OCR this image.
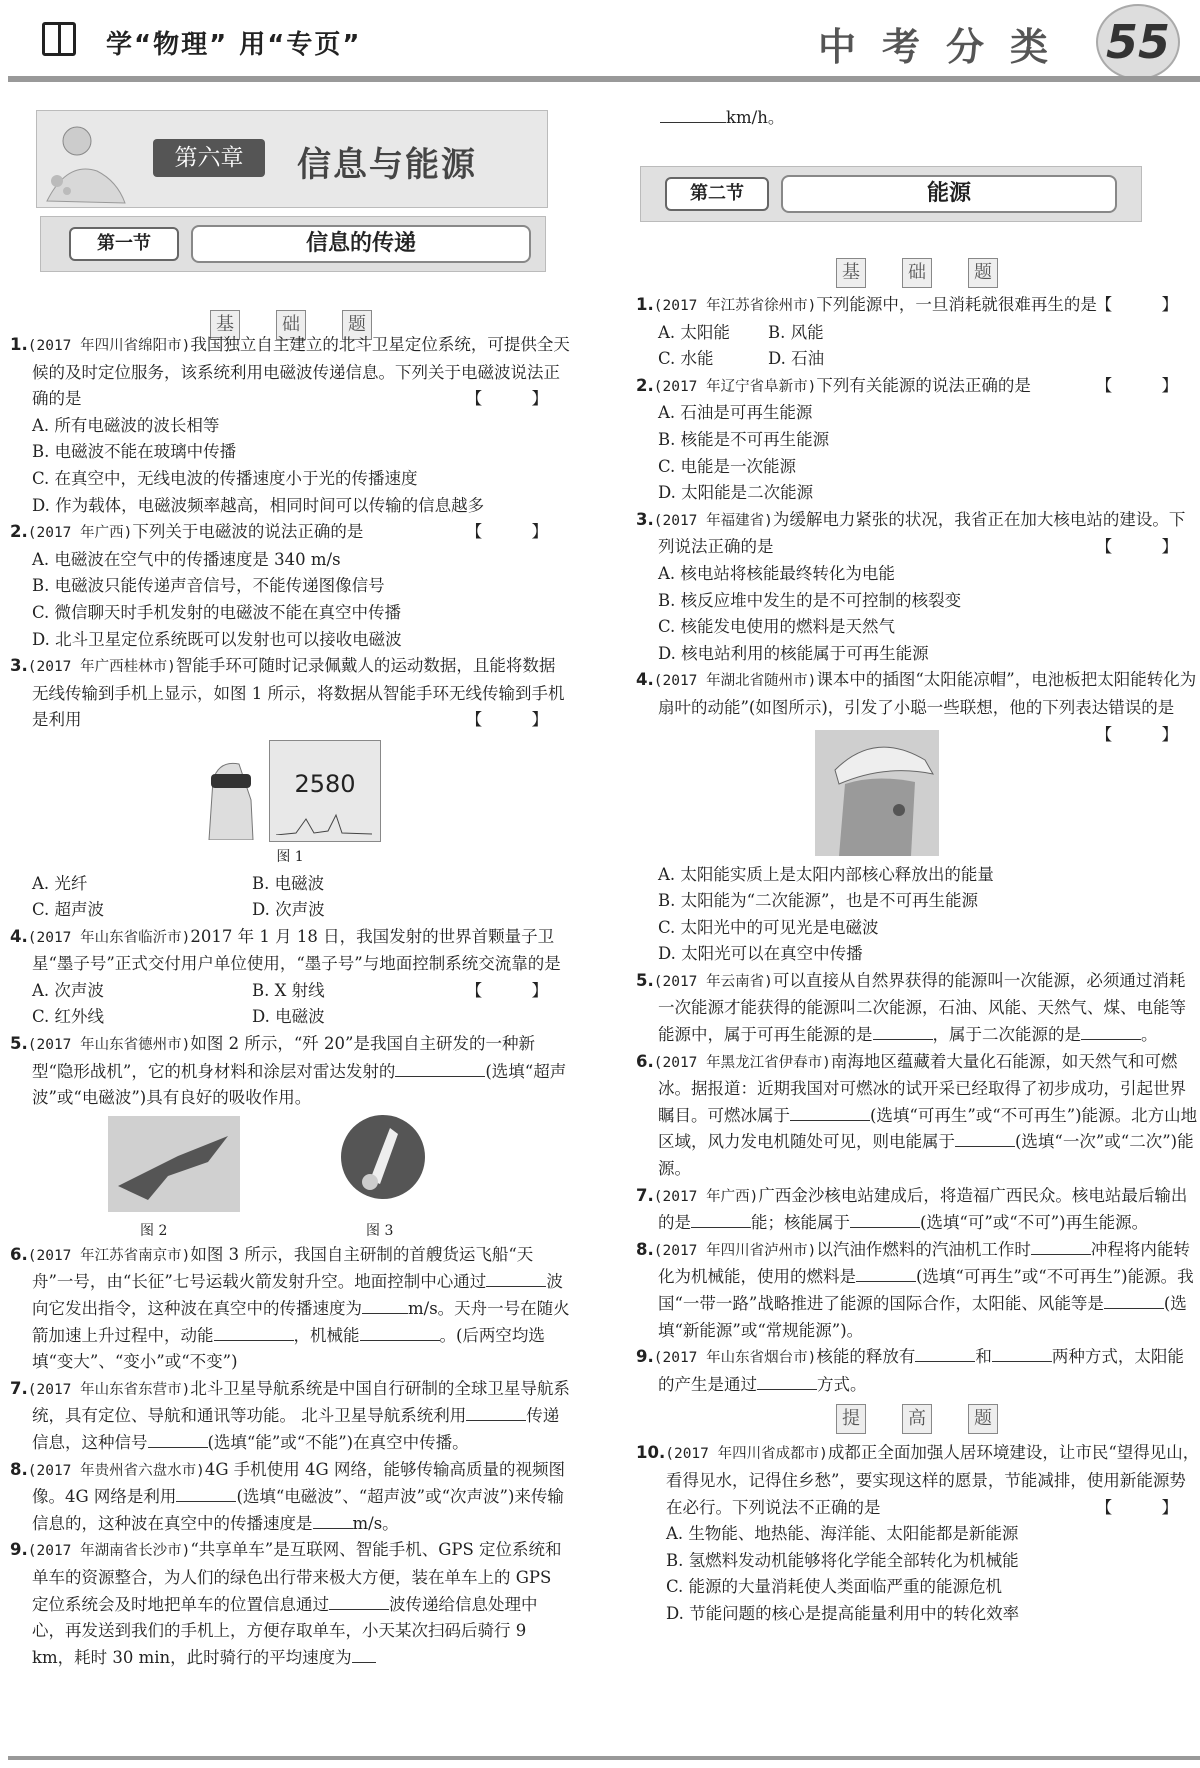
学“物理” 用“专页”	中考分类 55
第六章	信息与能源
第一节	信息的传递
基	础	题
1.(2017 年四川省绵阳市)我国独立自主建立的北斗卫星定位系统，可提供全天候的及时定位服务，该系统利用电磁波传递信息。下列关于电磁波说法正确的是	【 】
A. 所有电磁波的波长相等
B. 电磁波不能在玻璃中传播
C. 在真空中，无线电波的传播速度小于光的传播速度
D. 作为载体，电磁波频率越高，相同时间可以传输的信息越多
2.(2017 年广西)下列关于电磁波的说法正确的是	【 】
A. 电磁波在空气中的传播速度是 340 m/s
B. 电磁波只能传递声音信号，不能传递图像信号
C. 微信聊天时手机发射的电磁波不能在真空中传播
D. 北斗卫星定位系统既可以发射也可以接收电磁波
3.(2017 年广西桂林市)智能手环可随时记录佩戴人的运动数据，且能将数据无线传输到手机上显示，如图 1 所示，将数据从智能手环无线传输到手机是利用	【 】
2580
图 1
A. 光纤	B. 电磁波
C. 超声波	D. 次声波
4.(2017 年山东省临沂市)2017 年 1 月 18 日，我国发射的世界首颗量子卫星“墨子号”正式交付用户单位使用，“墨子号”与地面控制系统交流靠的是
【 】
A. 次声波	B. X 射线
C. 红外线	D. 电磁波
5.(2017 年山东省德州市)如图 2 所示，“歼 20”是我国自主研发的一种新型“隐形战机”，它的机身材料和涂层对雷达发射的	(选填“超声波”或“电磁波”)具有良好的吸收作用。
图 2	图 3
6.(2017 年江苏省南京市)如图 3 所示，我国自主研制的首艘货运飞船“天舟”一号，由“长征”七号运载火箭发射升空。地面控制中心通过	波向它发出指令，这种波在真空中的传播速度为	m/s。天舟一号在随火箭加速上升过程中，动能	，机械能	。(后两空均选填“变大”、“变小”或“不变”)
7.(2017 年山东省东营市)北斗卫星导航系统是中国自行研制的全球卫星导航系统，具有定位、导航和通讯等功能。 北斗卫星导航系统利用	传递信息，这种信号	(选填“能”或“不能”)在真空中传播。
8.(2017 年贵州省六盘水市)4G 手机使用 4G 网络，能够传输高质量的视频图像。4G 网络是利用	(选填“电磁波”、“超声波”或“次声波”)来传输信息的，这种波在真空中的传播速度是 m/s。
9.(2017 年湖南省长沙市)“共享单车”是互联网、智能手机、GPS 定位系统和单车的资源整合，为人们的绿色出行带来极大方便，装在单车上的 GPS 定位系统会及时地把单车的位置信息通过	波传递给信息处理中心，再发送到我们的手机上，方便存取单车，小天某次扫码后骑行 9 km，耗时 30 min，此时骑行的平均速度为
km/h。
第二节	能源
基	础	题
1.(2017 年江苏省徐州市)下列能源中，一旦消耗就很难再生的是
【 】
A. 太阳能	B. 风能
C. 水能	D. 石油
2.(2017 年辽宁省阜新市)下列有关能源的说法正确的是	【 】
A. 石油是可再生能源
B. 核能是不可再生能源
C. 电能是一次能源
D. 太阳能是二次能源
3.(2017 年福建省)为缓解电力紧张的状况，我省正在加大核电站的建设。下列说法正确的是	【 】
A. 核电站将核能最终转化为电能
B. 核反应堆中发生的是不可控制的核裂变
C. 核能发电使用的燃料是天然气
D. 核电站利用的核能属于可再生能源
4.(2017 年湖北省随州市)课本中的插图“太阳能凉帽”，电池板把太阳能转化为扇叶的动能”(如图所示)，引发了小聪一些联想，他的下列表达错误的是
【 】
A. 太阳能实质上是太阳内部核心释放出的能量
B. 太阳能为“二次能源”，也是不可再生能源
C. 太阳光中的可见光是电磁波
D. 太阳光可以在真空中传播
5.(2017 年云南省)可以直接从自然界获得的能源叫一次能源，必须通过消耗一次能源才能获得的能源叫二次能源，石油、风能、天然气、煤、电能等能源中，属于可再生能源的是	，属于二次能源的是	。
6.(2017 年黑龙江省伊春市)南海地区蕴藏着大量化石能源，如天然气和可燃冰。据报道：近期我国对可燃冰的试开采已经取得了初步成功，引起世界瞩目。可燃冰属于	(选填“可再生”或“不可再生”)能源。北方山地区域，风力发电机随处可见，则电能属于	(选填“一次”或“二次”)能源。
7.(2017 年广西)广西金沙核电站建成后，将造福广西民众。核电站最后输出的是	能；核能属于	(选填“可”或“不可”)再生能源。
8.(2017 年四川省泸州市)以汽油作燃料的汽油机工作时	冲程将内能转化为机械能，使用的燃料是	(选填“可再生”或“不可再生”)能源。我国“一带一路”战略推进了能源的国际合作，太阳能、风能等是	(选填“新能源”或“常规能源”)。
9.(2017 年山东省烟台市)核能的释放有	和	两种方式，太阳能的产生是通过	方式。
提	高	题
10.(2017 年四川省成都市)成都正全面加强人居环境建设，让市民“望得见山，看得见水，记得住乡愁”，要实现这样的愿景，节能减排，使用新能源势在必行。下列说法不正确的是	【 】
A. 生物能、地热能、海洋能、太阳能都是新能源
B. 氢燃料发动机能够将化学能全部转化为机械能
C. 能源的大量消耗使人类面临严重的能源危机
D. 节能问题的核心是提高能量利用中的转化效率
